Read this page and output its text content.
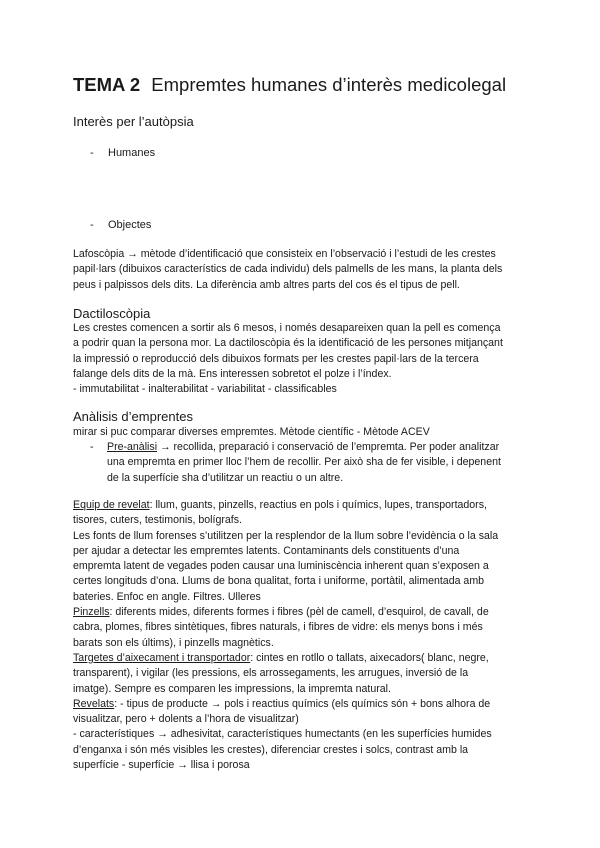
TEMA 2 Empremtes humanes d’interès medicolegal
Interès per l’autòpsia
- Humanes
- Objectes
Lafoscòpia → mètode d’identificació que consisteix en l’observació i l’estudi de les crestes
papil·lars (dibuixos característics de cada individu) dels palmells de les mans, la planta dels
peus i palpissos dels dits. La diferència amb altres parts del cos és el tipus de pell.
Dactiloscòpia
Les crestes comencen a sortir als 6 mesos, i només desapareixen quan la pell es comença
a podrir quan la persona mor. La dactiloscòpia és la identificació de les persones mitjançant
la impressió o reproducció dels dibuixos formats per les crestes papil·lars de la tercera
falange dels dits de la mà. Ens interessen sobretot el polze i l’índex.
- immutabilitat - inalterabilitat - variabilitat - classificables
Anàlisis d’emprentes
mirar si puc comparar diverses empremtes. Mètode científic - Mètode ACEV
- Pre-anàlisi → recollida, preparació i conservació de l’empremta. Per poder analitzar
una empremta en primer lloc l’hem de recollir. Per això sha de fer visible, i depenent
de la superfície sha d’utilitzar un reactiu o un altre.
Equip de revelat: llum, guants, pinzells, reactius en pols i químics, lupes, transportadors,
tisores, cuters, testimonis, bolígrafs.
Les fonts de llum forenses s’utilitzen per la resplendor de la llum sobre l’evidència o la sala
per ajudar a detectar les empremtes latents. Contaminants dels constituents d’una
empremta latent de vegades poden causar una luminiscència inherent quan s’exposen a
certes longituds d’ona. Llums de bona qualitat, forta i uniforme, portàtil, alimentada amb
bateries. Enfoc en angle. Filtres. Ulleres
Pinzells: diferents mides, diferents formes i fibres (pèl de camell, d’esquirol, de cavall, de
cabra, plomes, fibres sintètiques, fibres naturals, i fibres de vidre: els menys bons i més
barats son els últims), i pinzells magnètics.
Targetes d’aixecament i transportador: cintes en rotllo o tallats, aixecadors( blanc, negre,
transparent), i vigilar (les pressions, els arrossegaments, les arrugues, inversió de la
imatge). Sempre es comparen les impressions, la impremta natural.
Revelats: - tipus de producte → pols i reactius químics (els químics són + bons alhora de
visualitzar, pero + dolents a l’hora de visualitzar)
- característiques → adhesivitat, característiques humectants (en les superfícies humides
d’enganxa i són més visibles les crestes), diferenciar crestes i solcs, contrast amb la
superfície - superfície → llisa i porosa
